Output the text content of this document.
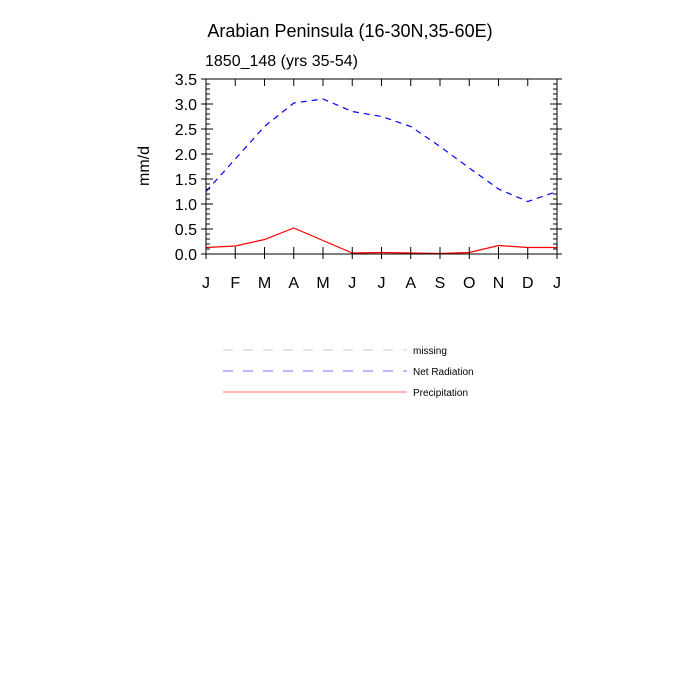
Arabian Peninsula (16-30N,35-60E)
1850_148 (yrs 35-54)
mm/d
J F M A M J J A S O N D J
0.0
0.5
1.0
1.5
2.0
2.5
3.0
3.5
missing
Net Radiation
Precipitation
